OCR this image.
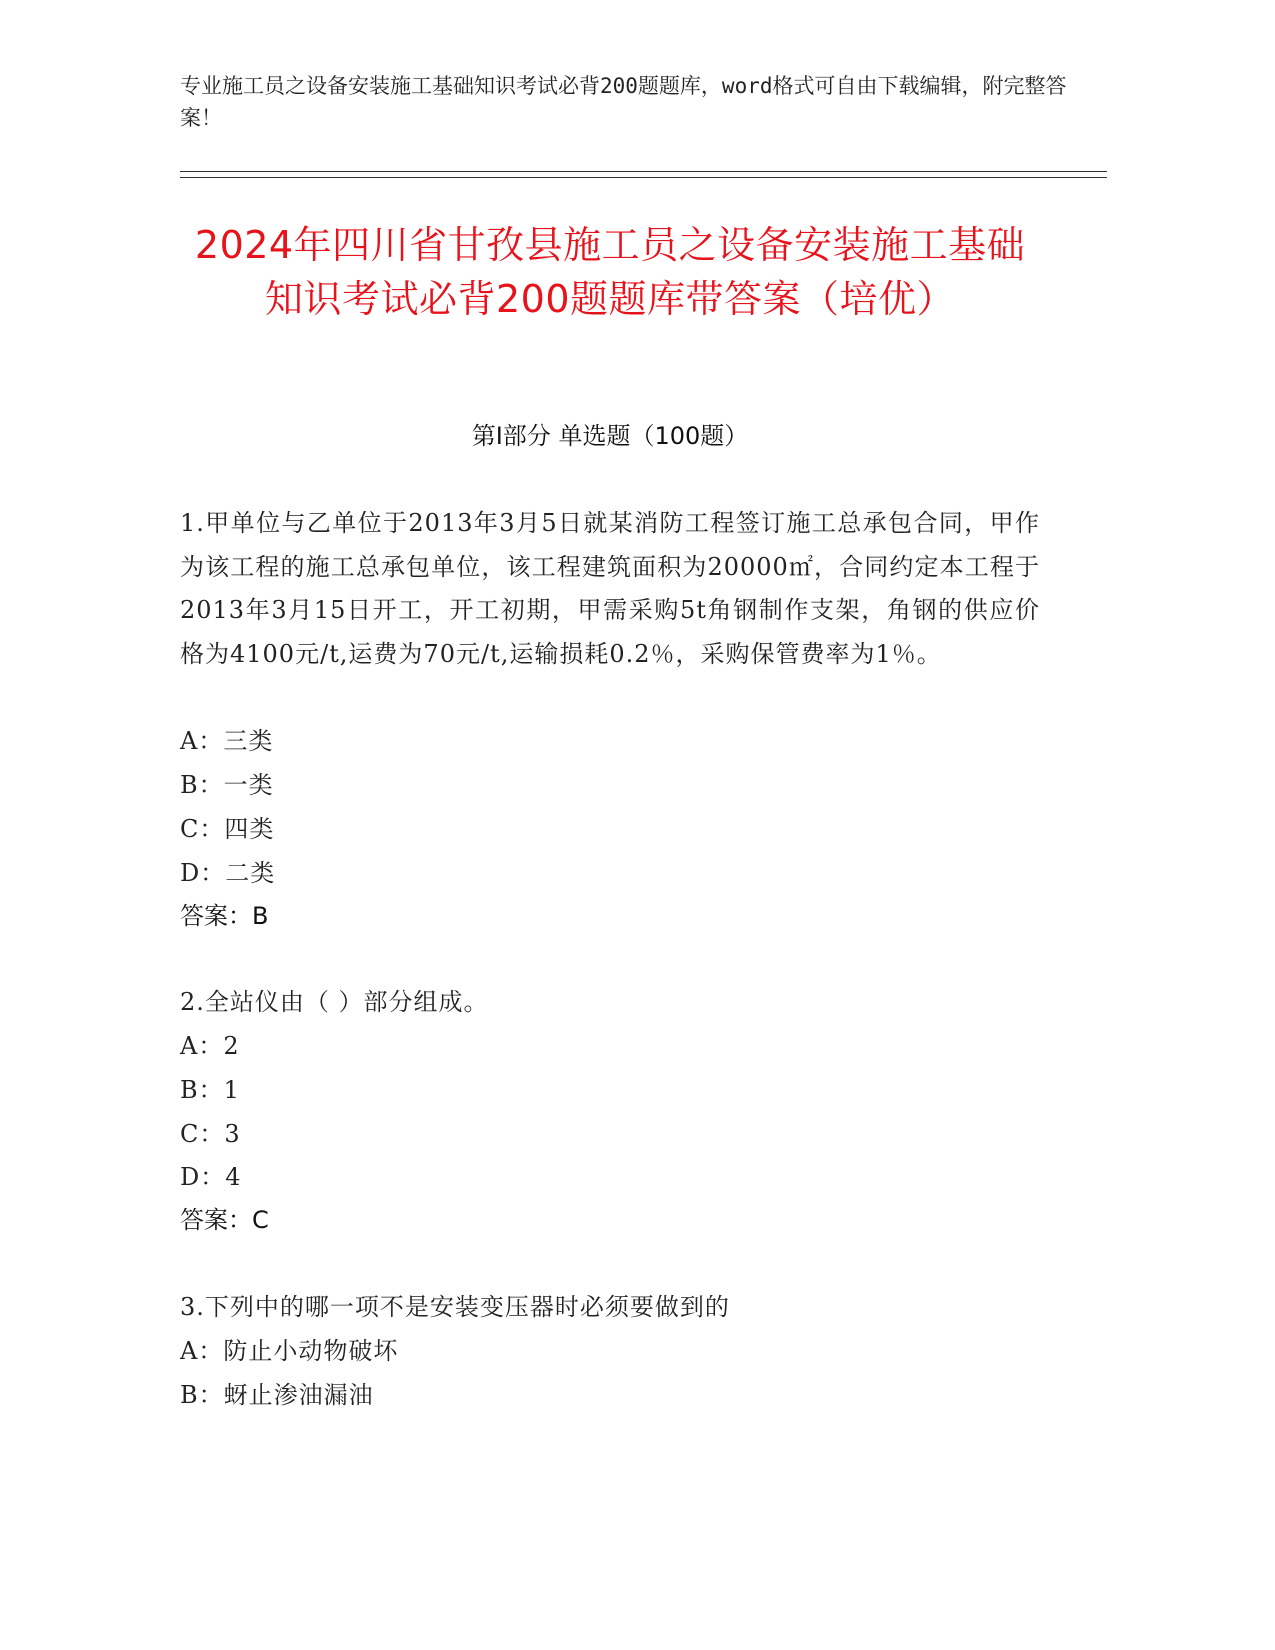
专业施工员之设备安装施工基础知识考试必背200题题库，word格式可自由下载编辑，附完整答案！
2024年四川省甘孜县施工员之设备安装施工基础知识考试必背200题题库带答案（培优）
第Ⅰ部分 单选题（100题）
1.甲单位与乙单位于2013年3月5日就某消防工程签订施工总承包合同，甲作为该工程的施工总承包单位，该工程建筑面积为20000㎡，合同约定本工程于2013年3月15日开工，开工初期，甲需采购5t角钢制作支架，角钢的供应价格为4100元/t,运费为70元/t,运输损耗0.2％，采购保管费率为1％。
A：三类
B：一类
C：四类
D：二类
答案：B
2.全站仪由（ ）部分组成。
A：2
B：1
C：3
D：4
答案：C
3.下列中的哪一项不是安装变压器时必须要做到的
A：防止小动物破坏
B：蚜止渗油漏油
